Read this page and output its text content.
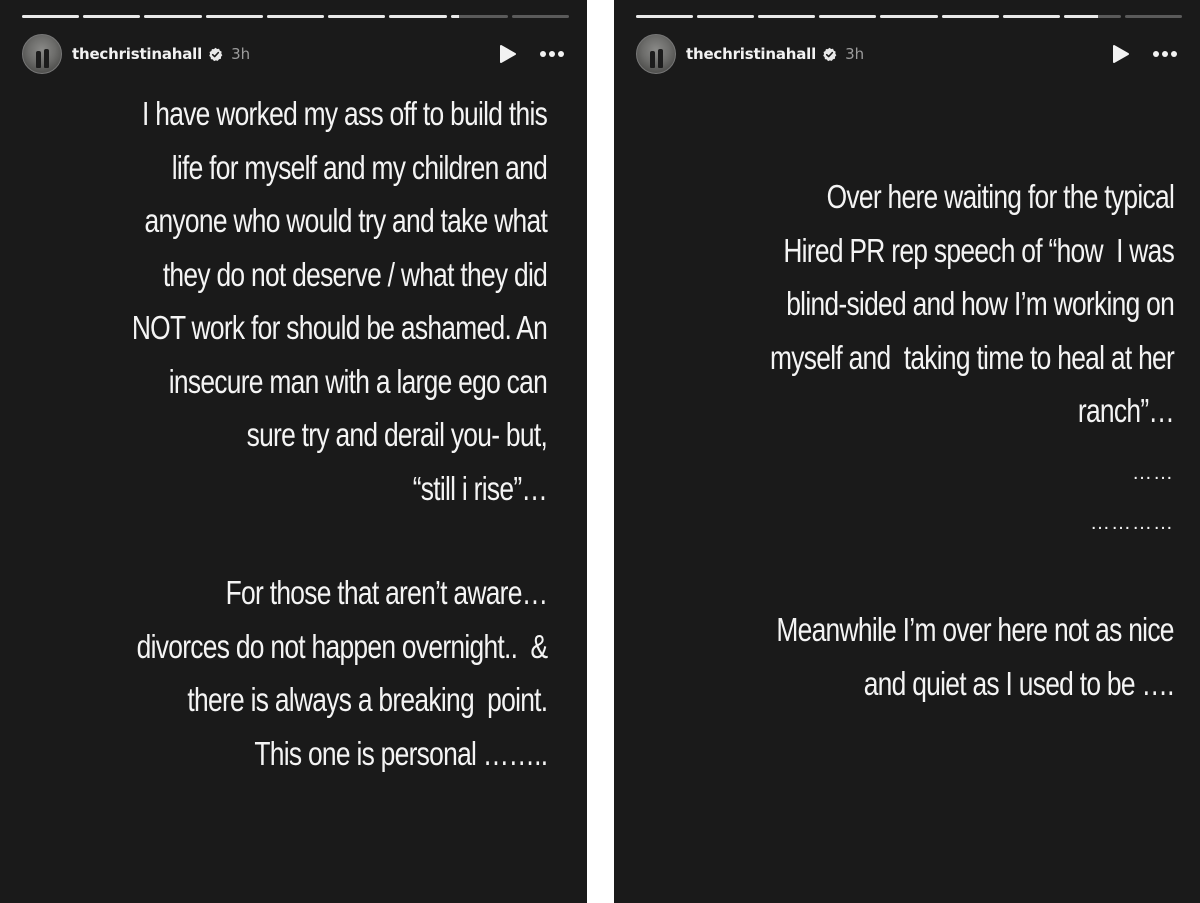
thechristinahall 3h
I have worked my ass off to build this
life for myself and my children and
anyone who would try and take what
they do not deserve / what they did
NOT work for should be ashamed. An
insecure man with a large ego can
sure try and derail you- but,
“still i rise”…
For those that aren’t aware…
divorces do not happen overnight..  &
there is always a breaking  point.
This one is personal ……..
thechristinahall 3h
Over here waiting for the typical
Hired PR rep speech of “how  I was
blind-sided and how I’m working on
myself and  taking time to heal at her
ranch”…
……
…………
Meanwhile I’m over here not as nice
and quiet as I used to be ….
